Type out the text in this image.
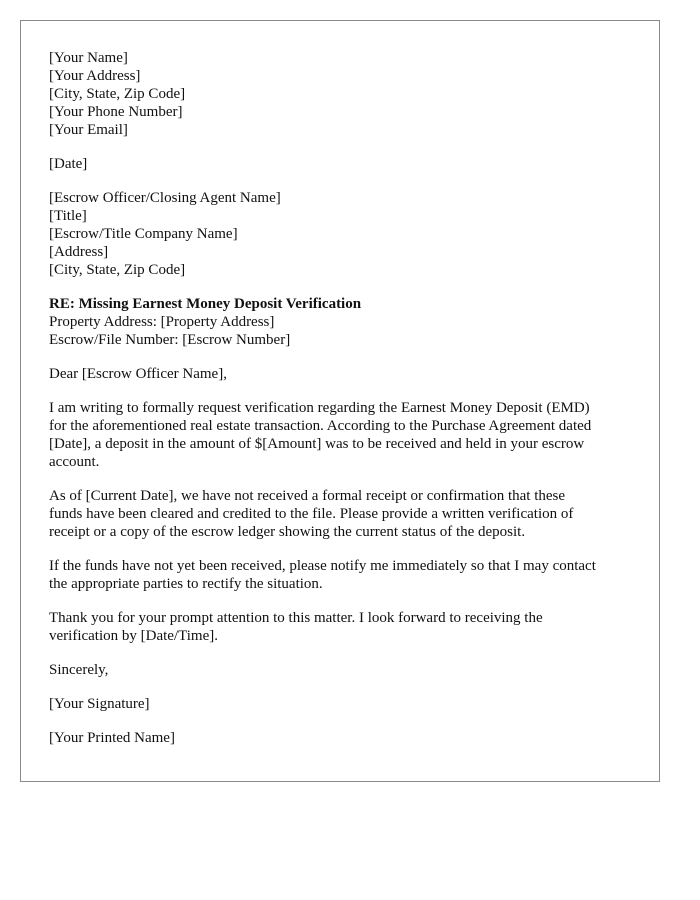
[Your Name]
[Your Address]
[City, State, Zip Code]
[Your Phone Number]
[Your Email]
[Date]
[Escrow Officer/Closing Agent Name]
[Title]
[Escrow/Title Company Name]
[Address]
[City, State, Zip Code]
RE: Missing Earnest Money Deposit Verification
Property Address: [Property Address]
Escrow/File Number: [Escrow Number]
Dear [Escrow Officer Name],
I am writing to formally request verification regarding the Earnest Money Deposit (EMD)
for the aforementioned real estate transaction. According to the Purchase Agreement dated
[Date], a deposit in the amount of $[Amount] was to be received and held in your escrow
account.
As of [Current Date], we have not received a formal receipt or confirmation that these
funds have been cleared and credited to the file. Please provide a written verification of
receipt or a copy of the escrow ledger showing the current status of the deposit.
If the funds have not yet been received, please notify me immediately so that I may contact
the appropriate parties to rectify the situation.
Thank you for your prompt attention to this matter. I look forward to receiving the
verification by [Date/Time].
Sincerely,
[Your Signature]
[Your Printed Name]
